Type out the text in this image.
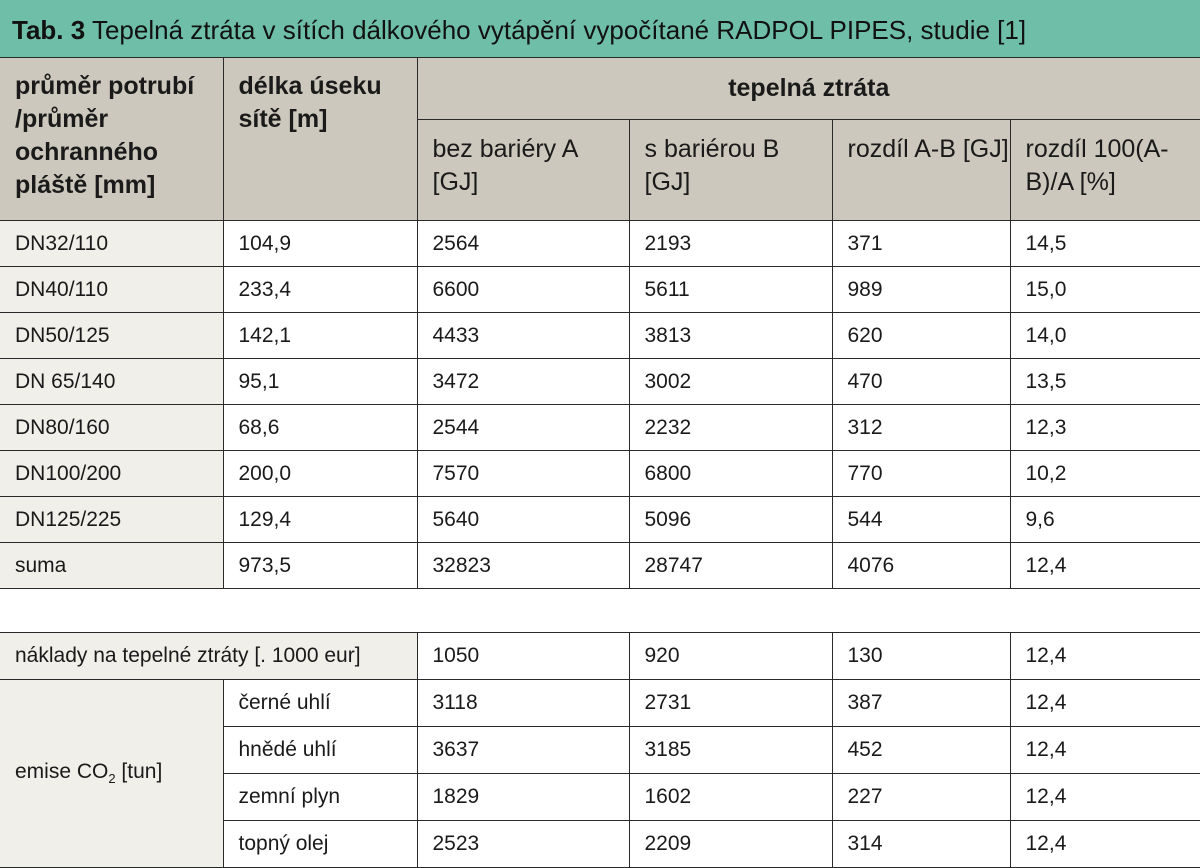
Tab. 3 Tepelná ztráta v sítích dálkového vytápění vypočítané RADPOL PIPES, studie [1]
průměr potrubí /průměr ochranného pláště [mm]	délka úseku sítě [m]	tepelná ztráta			
		bez bariéry A [GJ]	s bariérou B [GJ]	rozdíl A-B [GJ]	rozdíl 100(A-B)/A [%]
DN32/110	104,9	2564	2193	371	14,5
DN40/110	233,4	6600	5611	989	15,0
DN50/125	142,1	4433	3813	620	14,0
DN 65/140	95,1	3472	3002	470	13,5
DN80/160	68,6	2544	2232	312	12,3
DN100/200	200,0	7570	6800	770	10,2
DN125/225	129,4	5640	5096	544	9,6
suma	973,5	32823	28747	4076	12,4
náklady na tepelné ztráty [. 1000 eur]		1050	920	130	12,4
emise $CO_2$ [tun]	černé uhlí	3118	2731	387	12,4
	hnědé uhlí	3637	3185	452	12,4
	zemní plyn	1829	1602	227	12,4
	topný olej	2523	2209	314	12,4
